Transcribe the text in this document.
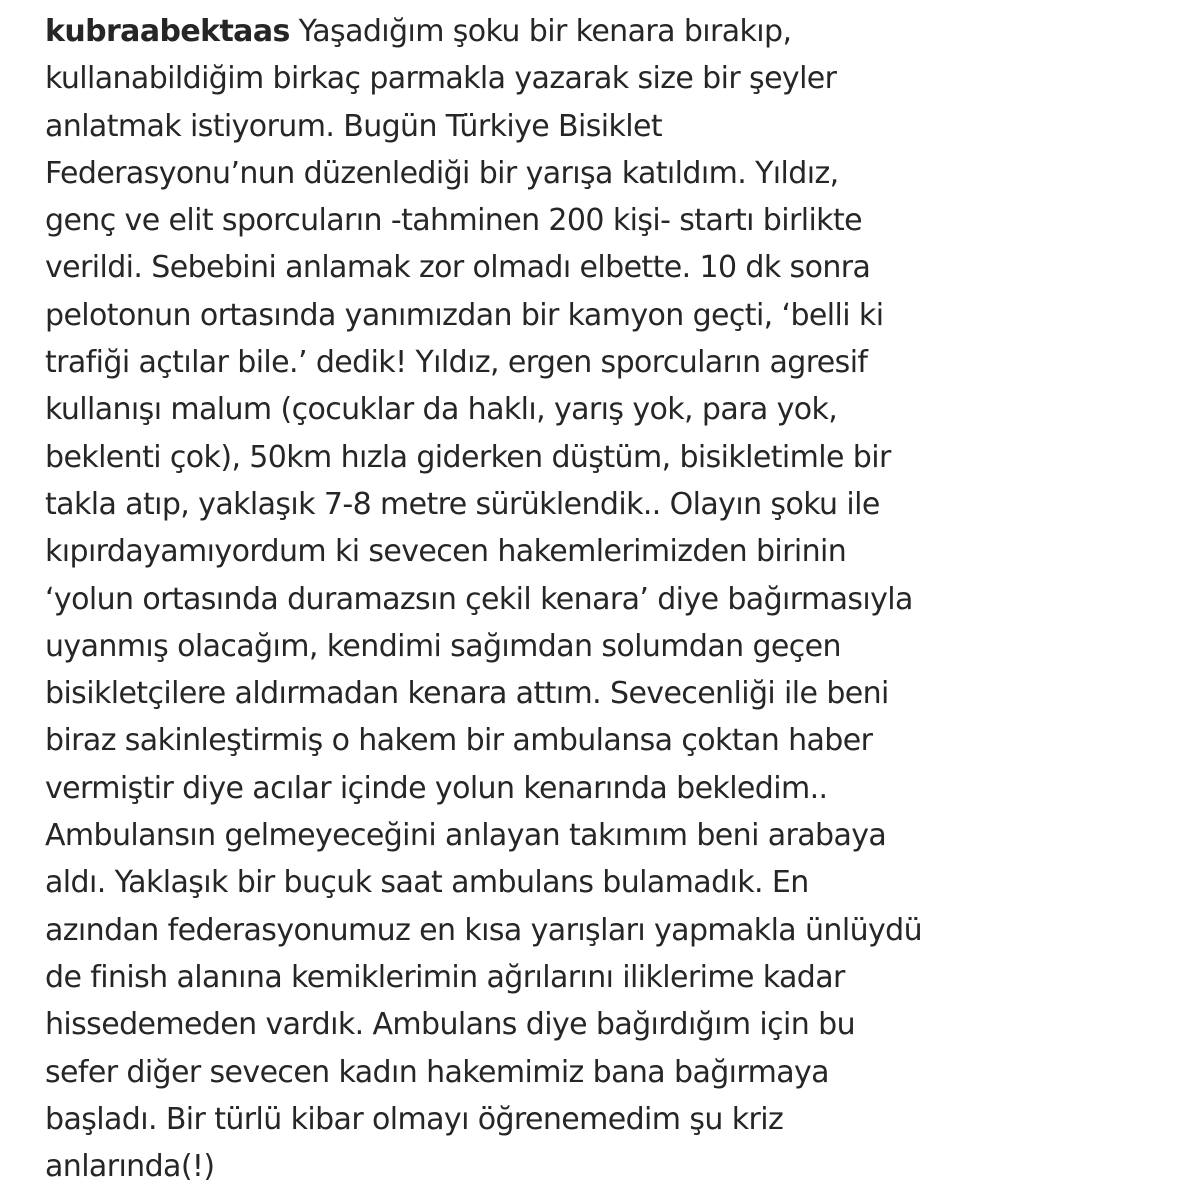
kubraabektaas Yaşadığım şoku bir kenara bırakıp,
kullanabildiğim birkaç parmakla yazarak size bir şeyler
anlatmak istiyorum. Bugün Türkiye Bisiklet
Federasyonu’nun düzenlediği bir yarışa katıldım. Yıldız,
genç ve elit sporcuların -tahminen 200 kişi- startı birlikte
verildi. Sebebini anlamak zor olmadı elbette. 10 dk sonra
pelotonun ortasında yanımızdan bir kamyon geçti, ‘belli ki
trafiği açtılar bile.’ dedik! Yıldız, ergen sporcuların agresif
kullanışı malum (çocuklar da haklı, yarış yok, para yok,
beklenti çok), 50km hızla giderken düştüm, bisikletimle bir
takla atıp, yaklaşık 7-8 metre sürüklendik.. Olayın şoku ile
kıpırdayamıyordum ki sevecen hakemlerimizden birinin
‘yolun ortasında duramazsın çekil kenara’ diye bağırmasıyla
uyanmış olacağım, kendimi sağımdan solumdan geçen
bisikletçilere aldırmadan kenara attım. Sevecenliği ile beni
biraz sakinleştirmiş o hakem bir ambulansa çoktan haber
vermiştir diye acılar içinde yolun kenarında bekledim..
Ambulansın gelmeyeceğini anlayan takımım beni arabaya
aldı. Yaklaşık bir buçuk saat ambulans bulamadık. En
azından federasyonumuz en kısa yarışları yapmakla ünlüydü
de finish alanına kemiklerimin ağrılarını iliklerime kadar
hissedemeden vardık. Ambulans diye bağırdığım için bu
sefer diğer sevecen kadın hakemimiz bana bağırmaya
başladı. Bir türlü kibar olmayı öğrenemedim şu kriz
anlarında(!)
